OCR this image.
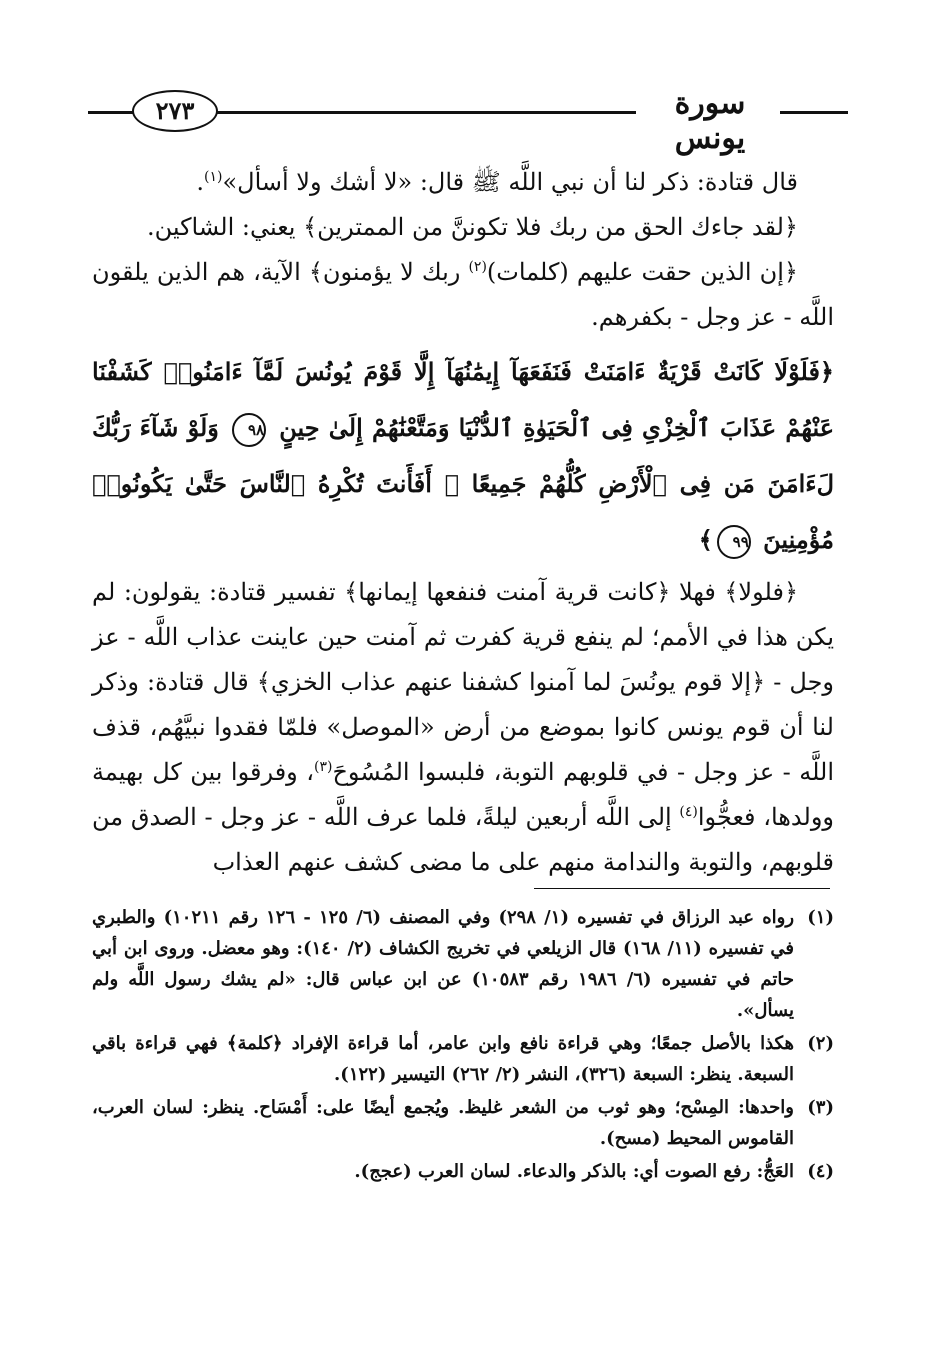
٢٧٣	سورة يونس

قال قتادة: ذكر لنا أن نبي اللَّه ﷺ قال: «لا أشك ولا أسأل»$^{(١)}$.

﴿لقد جاءك الحق من ربك فلا تكوننَّ من الممترين﴾ يعني: الشاكين.

﴿إن الذين حقت عليهم (كلمات)$^{(٢)}$ ربك لا يؤمنون﴾ الآية، هم الذين يلقون اللَّه - عز وجل - بكفرهم.

﴿فَلَوْلَا كَانَتْ قَرْيَةٌ ءَامَنَتْ فَنَفَعَهَآ إِيمَٰنُهَآ إِلَّا قَوْمَ يُونُسَ لَمَّآ ءَامَنُوا۟ كَشَفْنَا عَنْهُمْ عَذَابَ ٱلْخِزْىِ فِى ٱلْحَيَوٰةِ ٱلدُّنْيَا وَمَتَّعْنَٰهُمْ إِلَىٰ حِينٍ ٩٨ وَلَوْ شَآءَ رَبُّكَ لَءَامَنَ مَن فِى ٱلْأَرْضِ كُلُّهُمْ جَمِيعًا ۚ أَفَأَنتَ تُكْرِهُ ٱلنَّاسَ حَتَّىٰ يَكُونُوا۟ مُؤْمِنِينَ ٩٩﴾

﴿فلولا﴾ فهلا ﴿كانت قرية آمنت فنفعها إيمانها﴾ تفسير قتادة: يقولون: لم يكن هذا في الأمم؛ لم ينفع قرية كفرت ثم آمنت حين عاينت عذاب اللَّه - عز وجل - ﴿إلا قوم يونُسَ لما آمنوا كشفنا عنهم عذاب الخزي﴾ قال قتادة: وذكر لنا أن قوم يونس كانوا بموضع من أرض «الموصل» فلمّا فقدوا نبيَّهُم، قذف اللَّه - عز وجل - في قلوبهم التوبة، فلبسوا المُسُوحَ$^{(٣)}$، وفرقوا بين كل بهيمة وولدها، فعجُّوا$^{(٤)}$ إلى اللَّه أربعين ليلةً، فلما عرف اللَّه - عز وجل - الصدق من قلوبهم، والتوبة والندامة منهم على ما مضى كشف عنهم العذاب

(١)
رواه عبد الرزاق في تفسيره (١/ ٢٩٨) وفي المصنف (٦/ ١٢٥ - ١٢٦ رقم ١٠٢١١) والطبري في تفسيره (١١/ ١٦٨) قال الزيلعي في تخريج الكشاف (٢/ ١٤٠): وهو معضل. وروى ابن أبي حاتم في تفسيره (٦/ ١٩٨٦ رقم ١٠٥٨٣) عن ابن عباس قال: «لم يشك رسول اللَّه ولم يسأل».
(٢)
هكذا بالأصل جمعًا؛ وهي قراءة نافع وابن عامر، أما قراءة الإفراد ﴿كلمة﴾ فهي قراءة باقي السبعة. ينظر: السبعة (٣٢٦)، النشر (٢/ ٢٦٢) التيسير (١٢٢).
(٣)
واحدها: المِسْح؛ وهو ثوب من الشعر غليظ. ويُجمع أيضًا على: أَمْسَاح. ينظر: لسان العرب، القاموس المحيط (مسح).
(٤)
العَجُّ: رفع الصوت أي: بالذكر والدعاء. لسان العرب (عجج).
